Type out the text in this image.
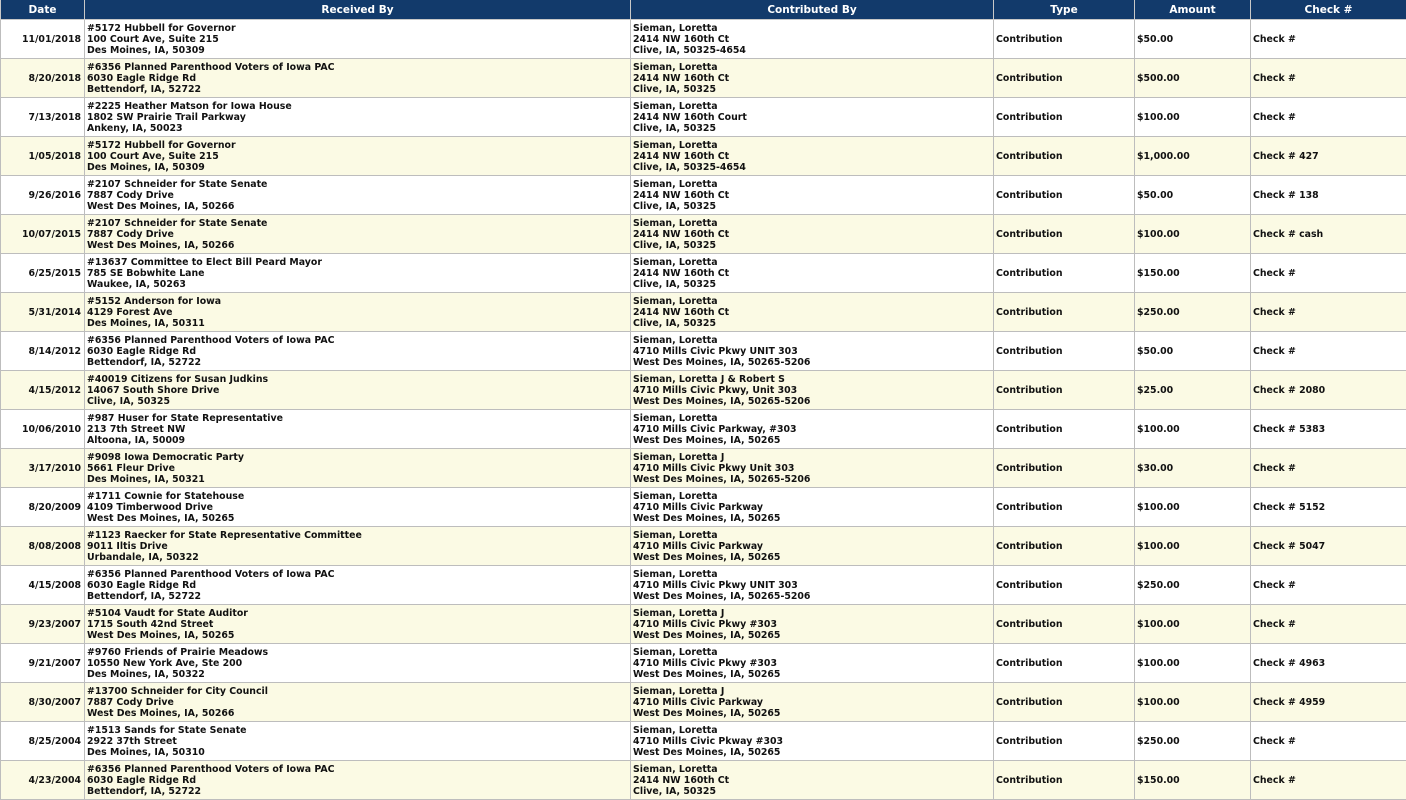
Date	Received By	Contributed By	Type	Amount	Check #
11/01/2018	#5172 Hubbell for Governor
100 Court Ave, Suite 215
Des Moines, IA, 50309	Sieman, Loretta
2414 NW 160th Ct
Clive, IA, 50325-4654	Contribution	$50.00	Check #
8/20/2018	#6356 Planned Parenthood Voters of Iowa PAC
6030 Eagle Ridge Rd
Bettendorf, IA, 52722	Sieman, Loretta
2414 NW 160th Ct
Clive, IA, 50325	Contribution	$500.00	Check #
7/13/2018	#2225 Heather Matson for Iowa House
1802 SW Prairie Trail Parkway
Ankeny, IA, 50023	Sieman, Loretta
2414 NW 160th Court
Clive, IA, 50325	Contribution	$100.00	Check #
1/05/2018	#5172 Hubbell for Governor
100 Court Ave, Suite 215
Des Moines, IA, 50309	Sieman, Loretta
2414 NW 160th Ct
Clive, IA, 50325-4654	Contribution	$1,000.00	Check # 427
9/26/2016	#2107 Schneider for State Senate
7887 Cody Drive
West Des Moines, IA, 50266	Sieman, Loretta
2414 NW 160th Ct
Clive, IA, 50325	Contribution	$50.00	Check # 138
10/07/2015	#2107 Schneider for State Senate
7887 Cody Drive
West Des Moines, IA, 50266	Sieman, Loretta
2414 NW 160th Ct
Clive, IA, 50325	Contribution	$100.00	Check # cash
6/25/2015	#13637 Committee to Elect Bill Peard Mayor
785 SE Bobwhite Lane
Waukee, IA, 50263	Sieman, Loretta
2414 NW 160th Ct
Clive, IA, 50325	Contribution	$150.00	Check #
5/31/2014	#5152 Anderson for Iowa
4129 Forest Ave
Des Moines, IA, 50311	Sieman, Loretta
2414 NW 160th Ct
Clive, IA, 50325	Contribution	$250.00	Check #
8/14/2012	#6356 Planned Parenthood Voters of Iowa PAC
6030 Eagle Ridge Rd
Bettendorf, IA, 52722	Sieman, Loretta
4710 Mills Civic Pkwy UNIT 303
West Des Moines, IA, 50265-5206	Contribution	$50.00	Check #
4/15/2012	#40019 Citizens for Susan Judkins
14067 South Shore Drive
Clive, IA, 50325	Sieman, Loretta J & Robert S
4710 Mills Civic Pkwy, Unit 303
West Des Moines, IA, 50265-5206	Contribution	$25.00	Check # 2080
10/06/2010	#987 Huser for State Representative
213 7th Street NW
Altoona, IA, 50009	Sieman, Loretta
4710 Mills Civic Parkway, #303
West Des Moines, IA, 50265	Contribution	$100.00	Check # 5383
3/17/2010	#9098 Iowa Democratic Party
5661 Fleur Drive
Des Moines, IA, 50321	Sieman, Loretta J
4710 Mills Civic Pkwy Unit 303
West Des Moines, IA, 50265-5206	Contribution	$30.00	Check #
8/20/2009	#1711 Cownie for Statehouse
4109 Timberwood Drive
West Des Moines, IA, 50265	Sieman, Loretta
4710 Mills Civic Parkway
West Des Moines, IA, 50265	Contribution	$100.00	Check # 5152
8/08/2008	#1123 Raecker for State Representative Committee
9011 Iltis Drive
Urbandale, IA, 50322	Sieman, Loretta
4710 Mills Civic Parkway
West Des Moines, IA, 50265	Contribution	$100.00	Check # 5047
4/15/2008	#6356 Planned Parenthood Voters of Iowa PAC
6030 Eagle Ridge Rd
Bettendorf, IA, 52722	Sieman, Loretta
4710 Mills Civic Pkwy UNIT 303
West Des Moines, IA, 50265-5206	Contribution	$250.00	Check #
9/23/2007	#5104 Vaudt for State Auditor
1715 South 42nd Street
West Des Moines, IA, 50265	Sieman, Loretta J
4710 Mills Civic Pkwy #303
West Des Moines, IA, 50265	Contribution	$100.00	Check #
9/21/2007	#9760 Friends of Prairie Meadows
10550 New York Ave, Ste 200
Des Moines, IA, 50322	Sieman, Loretta
4710 Mills Civic Pkwy #303
West Des Moines, IA, 50265	Contribution	$100.00	Check # 4963
8/30/2007	#13700 Schneider for City Council
7887 Cody Drive
West Des Moines, IA, 50266	Sieman, Loretta J
4710 Mills Civic Parkway
West Des Moines, IA, 50265	Contribution	$100.00	Check # 4959
8/25/2004	#1513 Sands for State Senate
2922 37th Street
Des Moines, IA, 50310	Sieman, Loretta
4710 Mills Civic Pkway #303
West Des Moines, IA, 50265	Contribution	$250.00	Check #
4/23/2004	#6356 Planned Parenthood Voters of Iowa PAC
6030 Eagle Ridge Rd
Bettendorf, IA, 52722	Sieman, Loretta
2414 NW 160th Ct
Clive, IA, 50325	Contribution	$150.00	Check #
